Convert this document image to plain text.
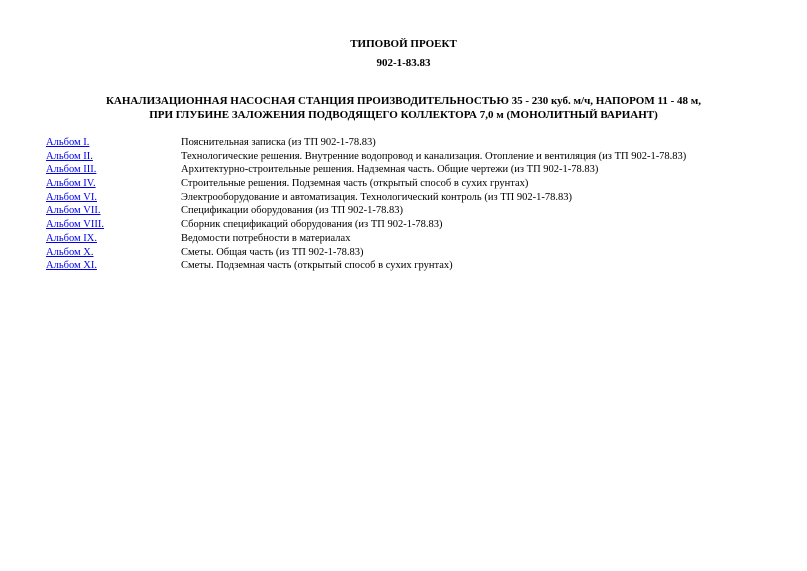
ТИПОВОЙ ПРОЕКТ
902-1-83.83
КАНАЛИЗАЦИОННАЯ НАСОСНАЯ СТАНЦИЯ ПРОИЗВОДИТЕЛЬНОСТЬЮ 35 - 230 куб. м/ч, НАПОРОМ 11 - 48 м,
ПРИ ГЛУБИНЕ ЗАЛОЖЕНИЯ ПОДВОДЯЩЕГО КОЛЛЕКТОРА 7,0 м (МОНОЛИТНЫЙ ВАРИАНТ)
Альбом I.	Пояснительная записка (из ТП 902-1-78.83)
Альбом II.	Технологические решения. Внутренние водопровод и канализация. Отопление и вентиляция (из ТП 902-1-78.83)
Альбом III.	Архитектурно-строительные решения. Надземная часть. Общие чертежи (из ТП 902-1-78.83)
Альбом IV.	Строительные решения. Подземная часть (открытый способ в сухих грунтах)
Альбом VI.	Электрооборудование и автоматизация. Технологический контроль (из ТП 902-1-78.83)
Альбом VII.	Спецификации оборудования (из ТП 902-1-78.83)
Альбом VIII.	Сборник спецификаций оборудования (из ТП 902-1-78.83)
Альбом IX.	Ведомости потребности в материалах
Альбом X.	Сметы. Общая часть (из ТП 902-1-78.83)
Альбом XI.	Сметы. Подземная часть (открытый способ в сухих грунтах)
